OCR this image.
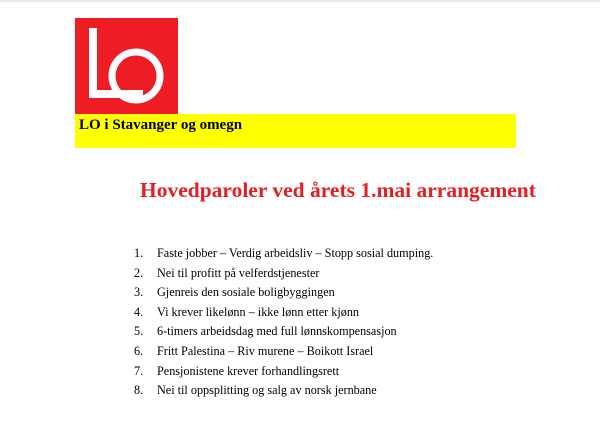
LO i Stavanger og omegn
Hovedparoler ved årets 1.mai arrangement
1.	Faste jobber – Verdig arbeidsliv – Stopp sosial dumping.
2.	Nei til profitt på velferdstjenester
3.	Gjenreis den sosiale boligbyggingen
4.	Vi krever likelønn – ikke lønn etter kjønn
5.	6-timers arbeidsdag med full lønnskompensasjon
6.	Fritt Palestina – Riv murene – Boikott Israel
7.	Pensjonistene krever forhandlingsrett
8.	Nei til oppsplitting og salg av norsk jernbane
